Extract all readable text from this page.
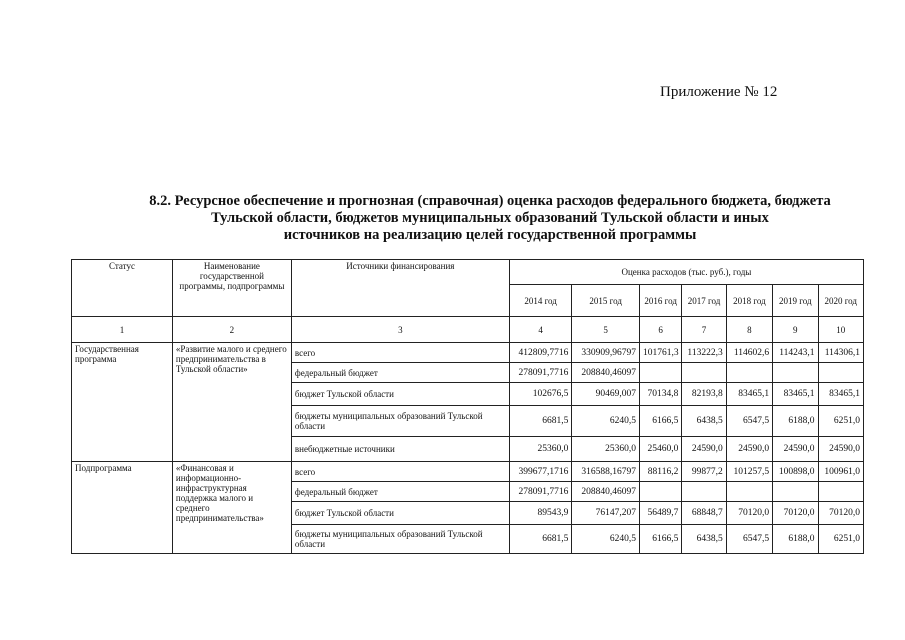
Приложение № 12
8.2. Ресурсное обеспечение и прогнозная (справочная) оценка расходов федерального бюджета, бюджета
Тульской области, бюджетов муниципальных образований Тульской области и иных
источников на реализацию целей государственной программы
Статус	Наименование государственной программы, подпрограммы	Источники финансирования	Оценка расходов (тыс. руб.), годы						
			2014 год	2015 год	2016 год	2017 год	2018 год	2019 год	2020 год
1	2	3	4	5	6	7	8	9	10
Государственная программа	«Развитие малого и среднего предпринимательства в Тульской области»	всего	412809,7716	330909,96797	101761,3	113222,3	114602,6	114243,1	114306,1
		федеральный бюджет	278091,7716	208840,46097					
		бюджет Тульской области	102676,5	90469,007	70134,8	82193,8	83465,1	83465,1	83465,1
		бюджеты муниципальных образований Тульской области	6681,5	6240,5	6166,5	6438,5	6547,5	6188,0	6251,0
		внебюджетные источники	25360,0	25360,0	25460,0	24590,0	24590,0	24590,0	24590,0
Подпрограмма	«Финансовая и информационно-инфраструктурная поддержка малого и среднего предпринимательства»	всего	399677,1716	316588,16797	88116,2	99877,2	101257,5	100898,0	100961,0
		федеральный бюджет	278091,7716	208840,46097					
		бюджет Тульской области	89543,9	76147,207	56489,7	68848,7	70120,0	70120,0	70120,0
		бюджеты муниципальных образований Тульской области	6681,5	6240,5	6166,5	6438,5	6547,5	6188,0	6251,0
